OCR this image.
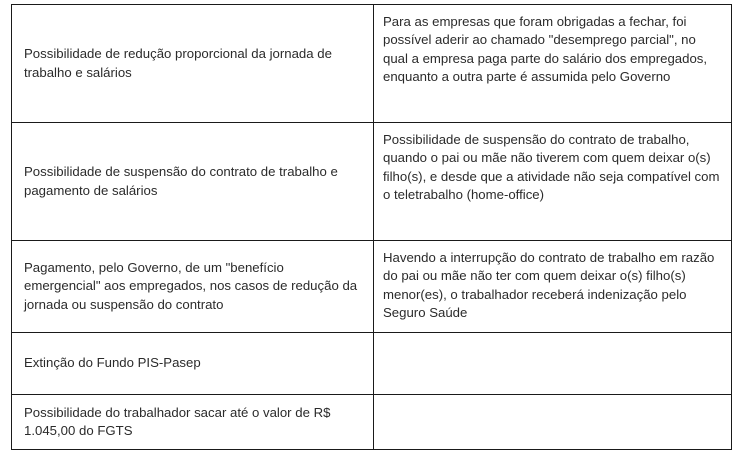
Possibilidade de redução proporcional da jornada de trabalho e salários	Para as empresas que foram obrigadas a fechar, foi possível aderir ao chamado "desemprego parcial", no qual a empresa paga parte do salário dos empregados, enquanto a outra parte é assumida pelo Governo

Possibilidade de suspensão do contrato de trabalho e pagamento de salários	Possibilidade de suspensão do contrato de trabalho, quando o pai ou mãe não tiverem com quem deixar o(s) filho(s), e desde que a atividade não seja compatível com o teletrabalho (home-office)

Pagamento, pelo Governo, de um "benefício emergencial" aos empregados, nos casos de redução da jornada ou suspensão do contrato	Havendo a interrupção do contrato de trabalho em razão do pai ou mãe não ter com quem deixar o(s) filho(s) menor(es), o trabalhador receberá indenização pelo Seguro Saúde

Extinção do Fundo PIS-Pasep	

Possibilidade do trabalhador sacar até o valor de R$ 1.045,00 do FGTS	
